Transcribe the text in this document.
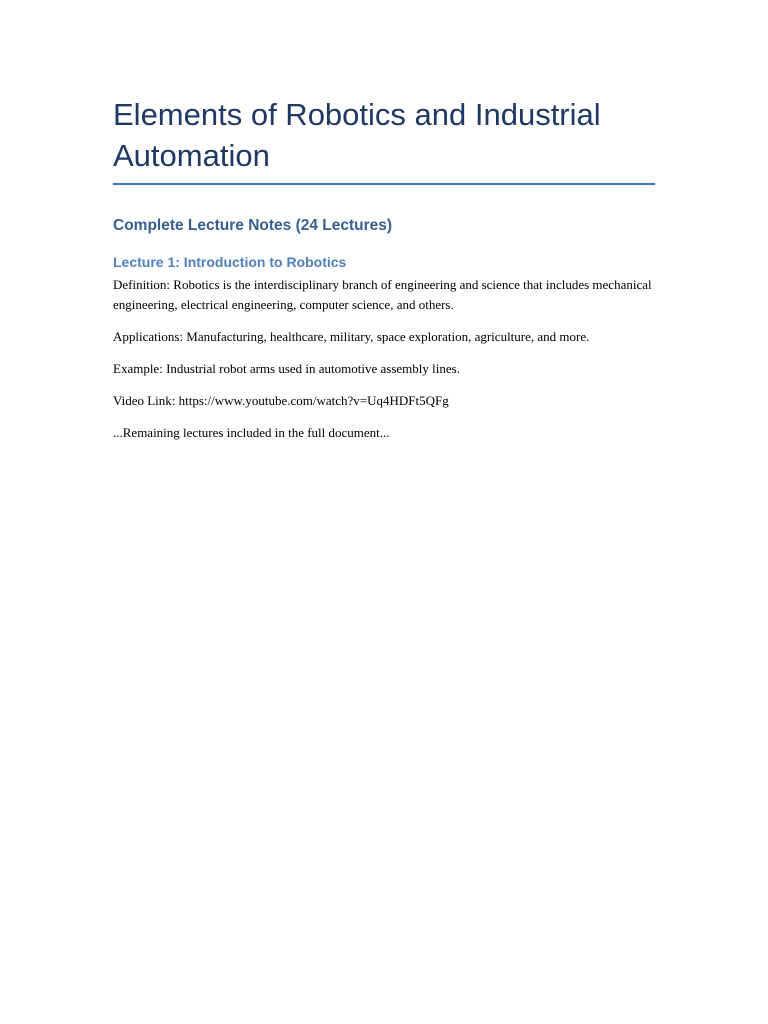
Elements of Robotics and Industrial Automation
Complete Lecture Notes (24 Lectures)
Lecture 1: Introduction to Robotics

Definition: Robotics is the interdisciplinary branch of engineering and science that includes mechanical engineering, electrical engineering, computer science, and others.

Applications: Manufacturing, healthcare, military, space exploration, agriculture, and more.

Example: Industrial robot arms used in automotive assembly lines.

Video Link: https://www.youtube.com/watch?v=Uq4HDFt5QFg

...Remaining lectures included in the full document...
